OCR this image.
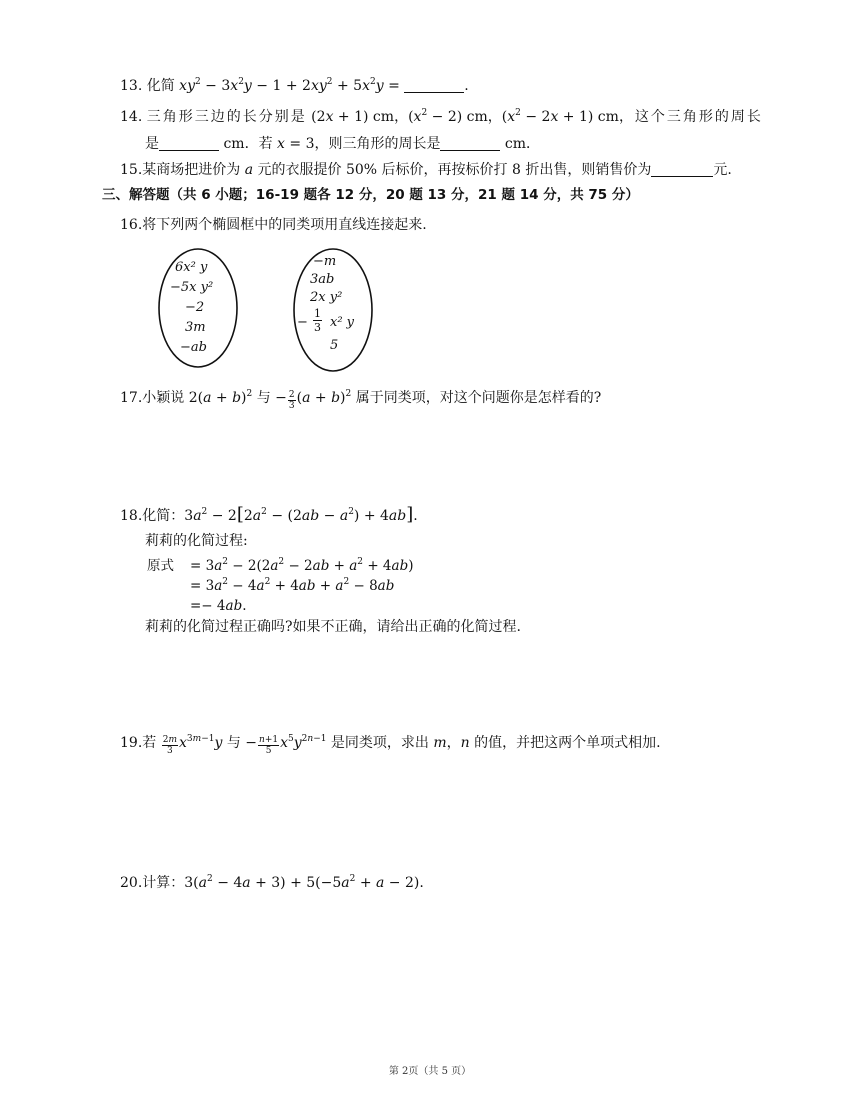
13. 化简 $xy^2 - 3x^2y - 1 + 2xy^2 + 5x^2y$ =	.
14. 三角形三边的长分别是 (2x + 1) cm，$(x^2 - 2)$ cm，$(x^2 - 2x + 1)$ cm，这个三角形的周长
是	cm．若 x = 3，则三角形的周长是	cm．
15.某商场把进价为 a 元的衣服提价 50% 后标价，再按标价打 8 折出售，则销售价为	元.
三、解答题（共 6 小题；16-19 题各 12 分，20 题 13 分，21 题 14 分，共 75 分）
16.将下列两个椭圆框中的同类项用直线连接起来.
6x² y
−5x y²
−2
3m
−ab
−m
3ab
2x y²
− $\frac{1}{3} x^2$ y
5
17.小颖说 $2(a + b)^2$ 与 − $\frac{2}{3} (a + b)^2$ 属于同类项，对这个问题你是怎样看的?
18.化简：$3a^2 - 2[2a^2 - (2ab - a^2) + 4ab]$.
莉莉的化简过程:
原式 = $3a^2 - 2(2a^2 - 2ab + a^2 + 4ab)$
= $3a^2 - 4a^2 + 4ab + a^2 - 8ab$
=− 4ab.
莉莉的化简过程正确吗?如果不正确，请给出正确的化简过程.
19.若 $\frac{2m}{3} x^{3m-1}y$ 与 − $\frac{n+1}{5} x^5y^{2n-1}$ 是同类项，求出 m，n 的值，并把这两个单项式相加.
20.计算：$3(a^2 - 4a + 3) + 5(-5a^2 + a - 2)$.
第 2页（共 5 页）
